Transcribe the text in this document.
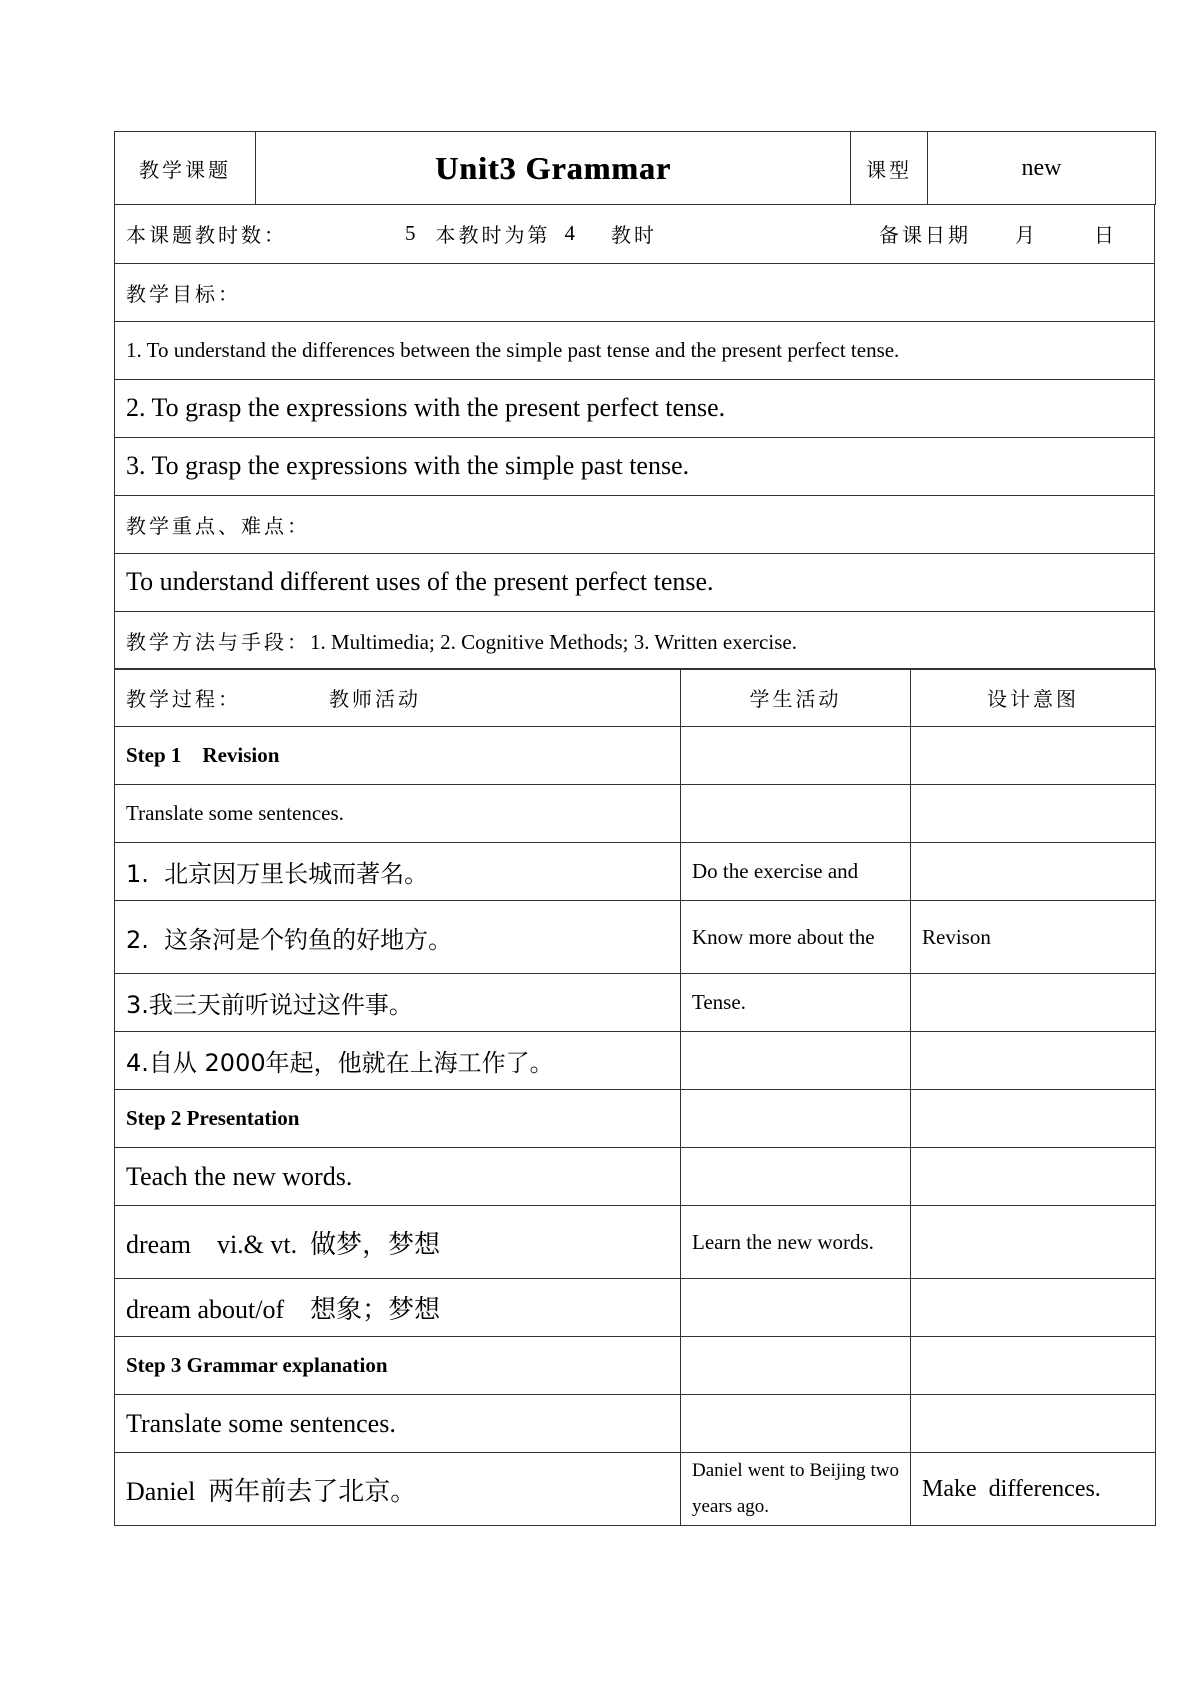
教学课题	Unit3 Grammar	课型	new
本课题教时数：	5 本教时为第 4 教时	备课日期 月	日

教学目标：
1. To understand the differences between the simple past tense and the present perfect tense.
2. To grasp the expressions with the present perfect tense.
3. To grasp the expressions with the simple past tense.
教学重点、难点：
To understand different uses of the present perfect tense.
教学方法与手段：1. Multimedia; 2. Cognitive Methods; 3. Written exercise.
教学过程： 教师活动	学生活动	设计意图
Step 1    Revision		
Translate some sentences.		
1.  北京因万里长城而著名。	Do the exercise and	
2.  这条河是个钓鱼的好地方。	Know more about the	Revison
3.我三天前听说过这件事。	Tense.	
4.自从 2000年起，他就在上海工作了。		
Step 2 Presentation		
Teach the new words.		
dream    vi.& vt.  做梦，梦想	Learn the new words.	
dream about/of    想象；梦想		
Step 3 Grammar explanation		
Translate some sentences.		
Daniel  两年前去了北京。	Daniel went to Beijing two years ago.	Make  differences.
